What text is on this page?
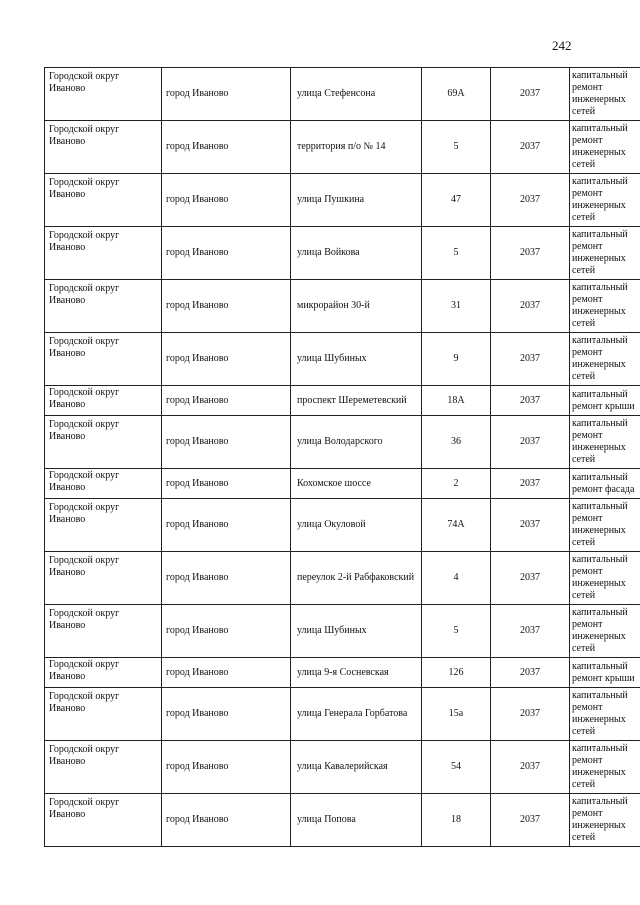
242
Городской округ Иваново	город Иваново	улица Стефенсона	69А	2037	капитальный ремонт инженерных сетей
Городской округ Иваново	город Иваново	территория п/о № 14	5	2037	капитальный ремонт инженерных сетей
Городской округ Иваново	город Иваново	улица Пушкина	47	2037	капитальный ремонт инженерных сетей
Городской округ Иваново	город Иваново	улица Войкова	5	2037	капитальный ремонт инженерных сетей
Городской округ Иваново	город Иваново	микрорайон 30-й	31	2037	капитальный ремонт инженерных сетей
Городской округ Иваново	город Иваново	улица Шубиных	9	2037	капитальный ремонт инженерных сетей
Городской округ Иваново	город Иваново	проспект Шереметевский	18А	2037	капитальный ремонт крыши
Городской округ Иваново	город Иваново	улица Володарского	36	2037	капитальный ремонт инженерных сетей
Городской округ Иваново	город Иваново	Кохомское шоссе	2	2037	капитальный ремонт фасада
Городской округ Иваново	город Иваново	улица Окуловой	74А	2037	капитальный ремонт инженерных сетей
Городской округ Иваново	город Иваново	переулок 2-й Рабфаковский	4	2037	капитальный ремонт инженерных сетей
Городской округ Иваново	город Иваново	улица Шубиных	5	2037	капитальный ремонт инженерных сетей
Городской округ Иваново	город Иваново	улица 9-я Сосневская	126	2037	капитальный ремонт крыши
Городской округ Иваново	город Иваново	улица Генерала Горбатова	15а	2037	капитальный ремонт инженерных сетей
Городской округ Иваново	город Иваново	улица Кавалерийская	54	2037	капитальный ремонт инженерных сетей
Городской округ Иваново	город Иваново	улица Попова	18	2037	капитальный ремонт инженерных сетей
